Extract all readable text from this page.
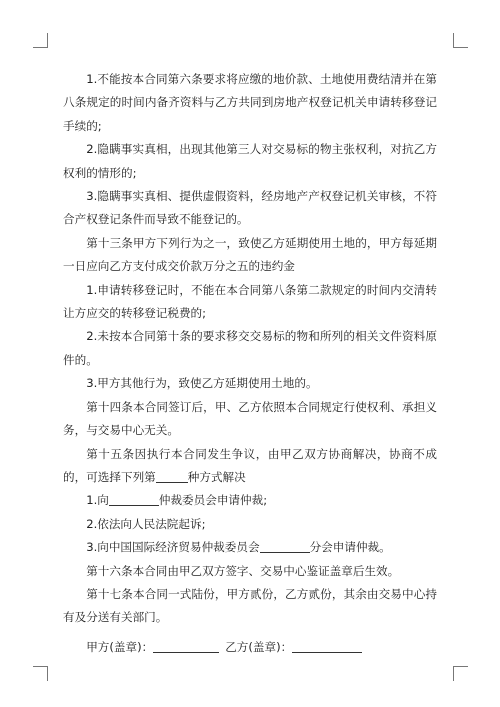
1.不能按本合同第六条要求将应缴的地价款、土地使用费结清并在第八条规定的时间内备齐资料与乙方共同到房地产权登记机关申请转移登记手续的;

2.隐瞒事实真相，出现其他第三人对交易标的物主张权利，对抗乙方权利的情形的;

3.隐瞒事实真相、提供虚假资料，经房地产产权登记机关审核，不符合产权登记条件而导致不能登记的。

第十三条甲方下列行为之一，致使乙方延期使用土地的，甲方每延期一日应向乙方支付成交价款万分之五的违约金

1.申请转移登记时，不能在本合同第八条第二款规定的时间内交清转让方应交的转移登记税费的;

2.未按本合同第十条的要求移交交易标的物和所列的相关文件资料原件的。

3.甲方其他行为，致使乙方延期使用土地的。

第十四条本合同签订后，甲、乙方依照本合同规定行使权利、承担义务，与交易中心无关。

第十五条因执行本合同发生争议，由甲乙双方协商解决，协商不成的，可选择下列第	种方式解决

1.向	仲裁委员会申请仲裁;

2.依法向人民法院起诉;

3.向中国国际经济贸易仲裁委员会	分会申请仲裁。

第十六条本合同由甲乙双方签字、交易中心鉴证盖章后生效。

第十七条本合同一式陆份，甲方贰份，乙方贰份，其余由交易中心持有及分送有关部门。

甲方(盖章)：	乙方(盖章)：
